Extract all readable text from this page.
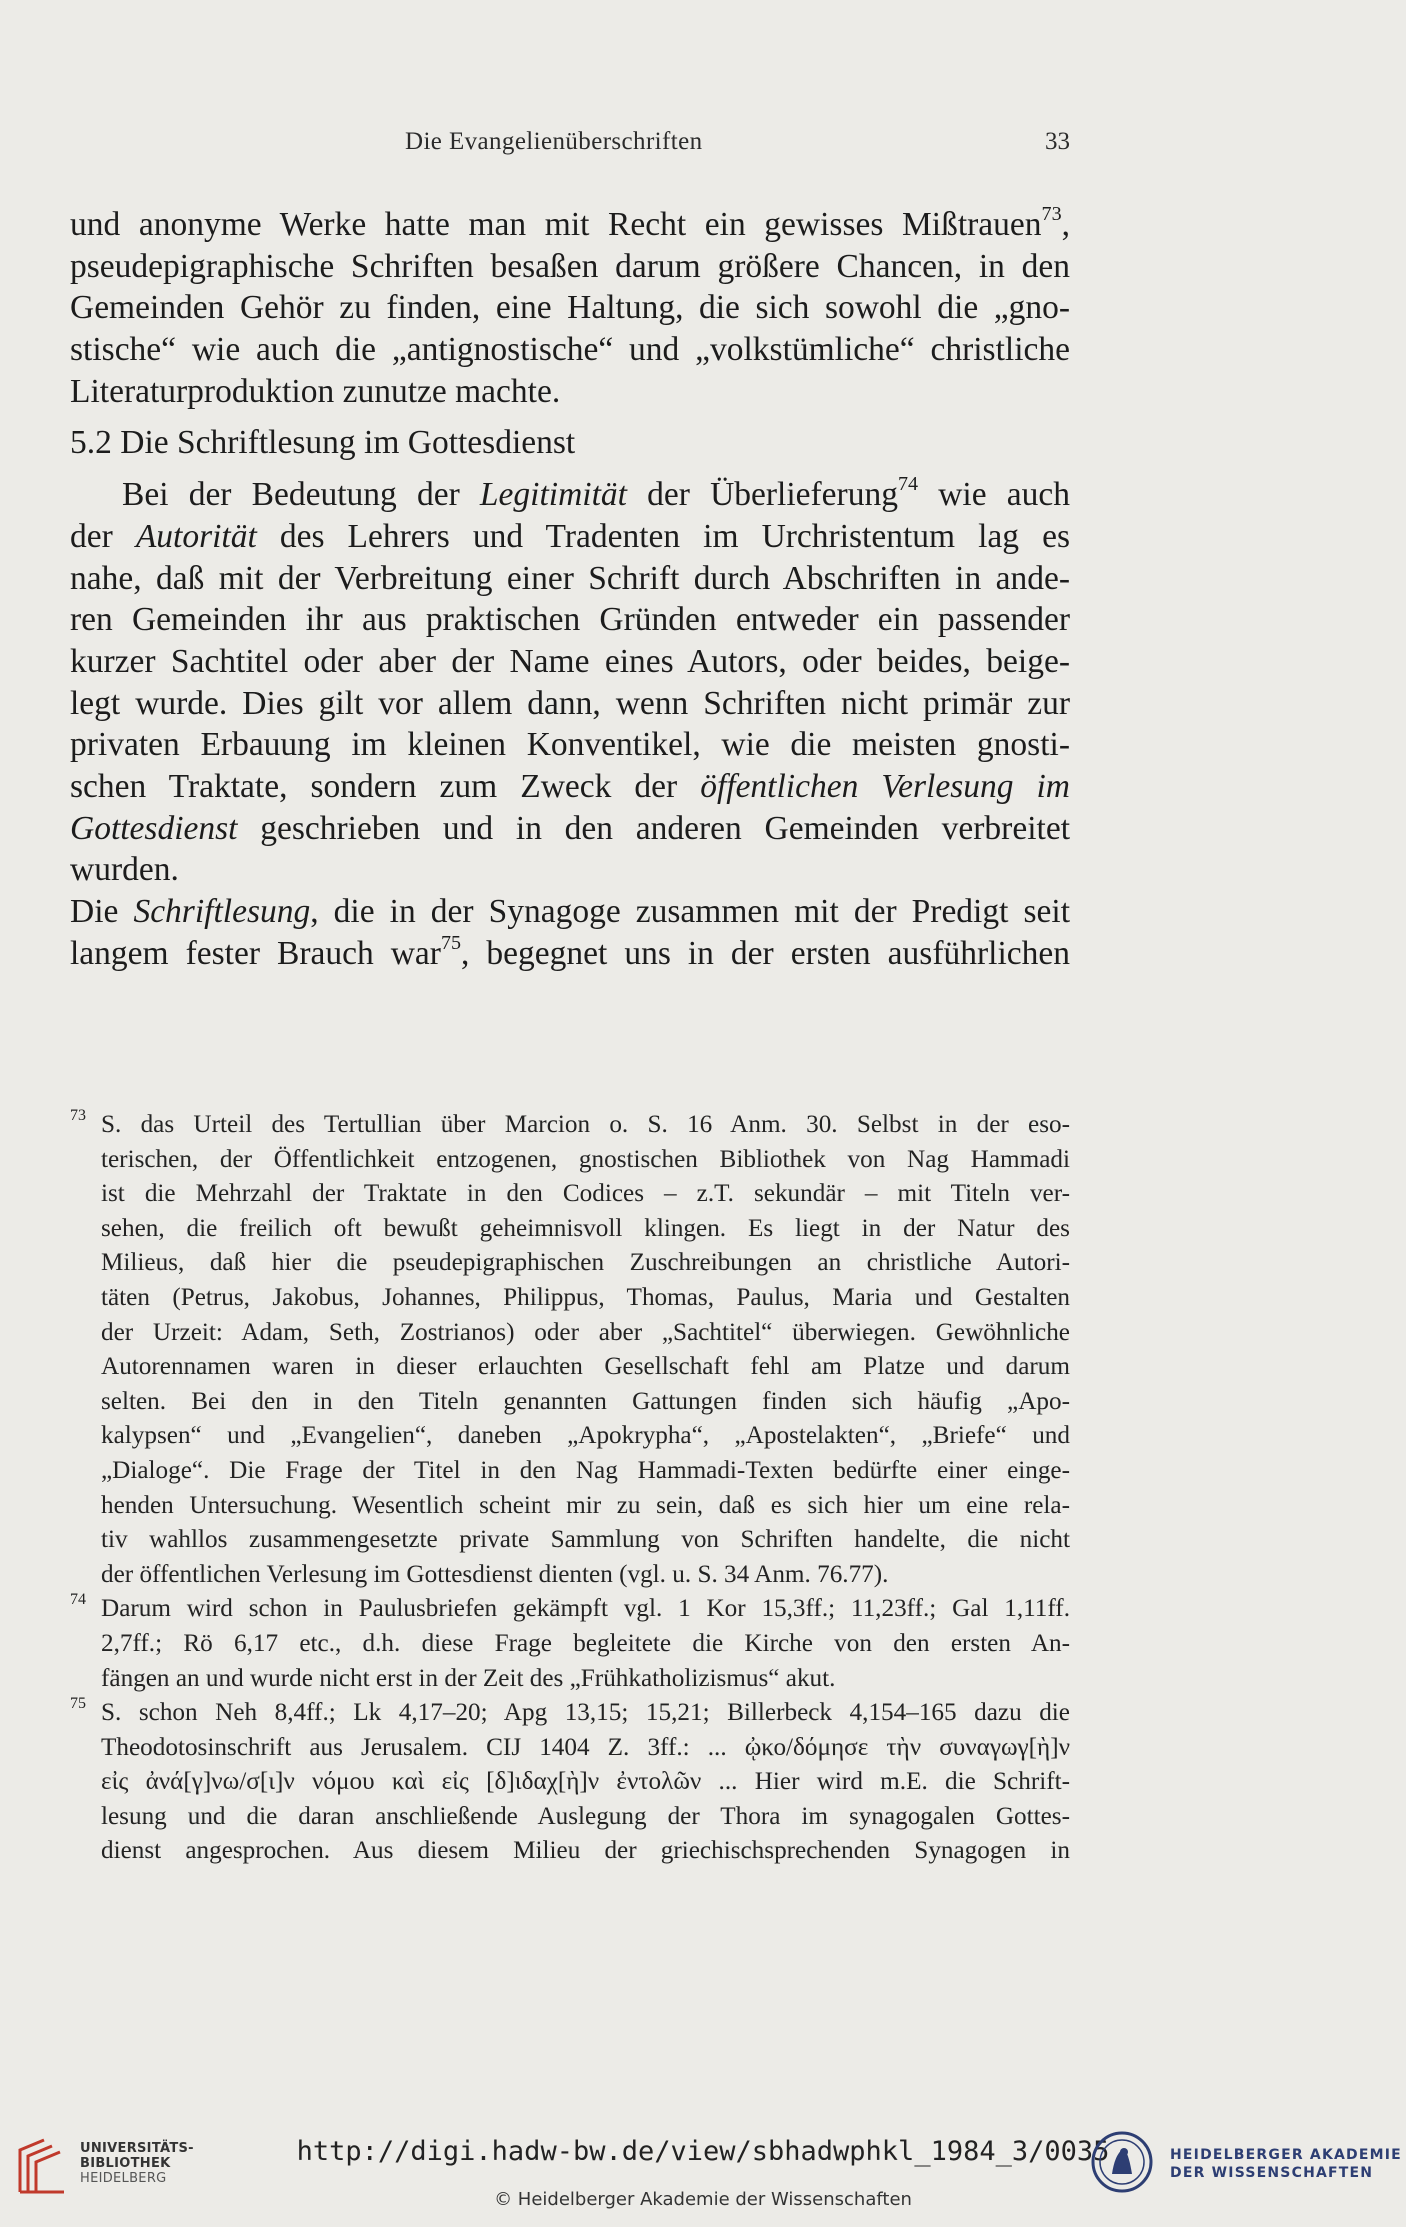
Die Evangelienüberschriften	33
und anonyme Werke hatte man mit Recht ein gewisses Mißtrauen$^{73}$,
pseudepigraphische Schriften besaßen darum größere Chancen, in den
Gemeinden Gehör zu finden, eine Haltung, die sich sowohl die „gno-
stische“ wie auch die „antignostische“ und „volkstümliche“ christliche
Literaturproduktion zunutze machte.
5.2 Die Schriftlesung im Gottesdienst
Bei der Bedeutung der Legitimität der Überlieferung$^{74}$ wie auch
der Autorität des Lehrers und Tradenten im Urchristentum lag es
nahe, daß mit der Verbreitung einer Schrift durch Abschriften in ande-
ren Gemeinden ihr aus praktischen Gründen entweder ein passender
kurzer Sachtitel oder aber der Name eines Autors, oder beides, beige-
legt wurde. Dies gilt vor allem dann, wenn Schriften nicht primär zur
privaten Erbauung im kleinen Konventikel, wie die meisten gnosti-
schen Traktate, sondern zum Zweck der öffentlichen Verlesung im
Gottesdienst geschrieben und in den anderen Gemeinden verbreitet
wurden.
Die Schriftlesung, die in der Synagoge zusammen mit der Predigt seit
langem fester Brauch war$^{75}$, begegnet uns in der ersten ausführlichen
73 S. das Urteil des Tertullian über Marcion o. S. 16 Anm. 30. Selbst in der eso-
terischen, der Öffentlichkeit entzogenen, gnostischen Bibliothek von Nag Hammadi
ist die Mehrzahl der Traktate in den Codices – z.T. sekundär – mit Titeln ver-
sehen, die freilich oft bewußt geheimnisvoll klingen. Es liegt in der Natur des
Milieus, daß hier die pseudepigraphischen Zuschreibungen an christliche Autori-
täten (Petrus, Jakobus, Johannes, Philippus, Thomas, Paulus, Maria und Gestalten
der Urzeit: Adam, Seth, Zostrianos) oder aber „Sachtitel“ überwiegen. Gewöhnliche
Autorennamen waren in dieser erlauchten Gesellschaft fehl am Platze und darum
selten. Bei den in den Titeln genannten Gattungen finden sich häufig „Apo-
kalypsen“ und „Evangelien“, daneben „Apokrypha“, „Apostelakten“, „Briefe“ und
„Dialoge“. Die Frage der Titel in den Nag Hammadi-Texten bedürfte einer einge-
henden Untersuchung. Wesentlich scheint mir zu sein, daß es sich hier um eine rela-
tiv wahllos zusammengesetzte private Sammlung von Schriften handelte, die nicht
der öffentlichen Verlesung im Gottesdienst dienten (vgl. u. S. 34 Anm. 76.77).
74 Darum wird schon in Paulusbriefen gekämpft vgl. 1 Kor 15,3ff.; 11,23ff.; Gal 1,11ff.
2,7ff.; Rö 6,17 etc., d.h. diese Frage begleitete die Kirche von den ersten An-
fängen an und wurde nicht erst in der Zeit des „Frühkatholizismus“ akut.
75 S. schon Neh 8,4ff.; Lk 4,17–20; Apg 13,15; 15,21; Billerbeck 4,154–165 dazu die
Theodotosinschrift aus Jerusalem. CIJ 1404 Z. 3ff.: ... ᾠκο/δόμησε τὴν συναγωγ[ὴ]ν
εἰς ἀνά[γ]νω/σ[ι]ν νόμου καὶ εἰς [δ]ιδαχ[ὴ]ν ἐντολῶν ... Hier wird m.E. die Schrift-
lesung und die daran anschließende Auslegung der Thora im synagogalen Gottes-
dienst angesprochen. Aus diesem Milieu der griechischsprechenden Synagogen in
UNIVERSITÄTS-
BIBLIOTHEK
HEIDELBERG
http://digi.hadw-bw.de/view/sbhadwphkl_1984_3/0035
© Heidelberger Akademie der Wissenschaften
HEIDELBERGER AKADEMIE
DER WISSENSCHAFTEN
